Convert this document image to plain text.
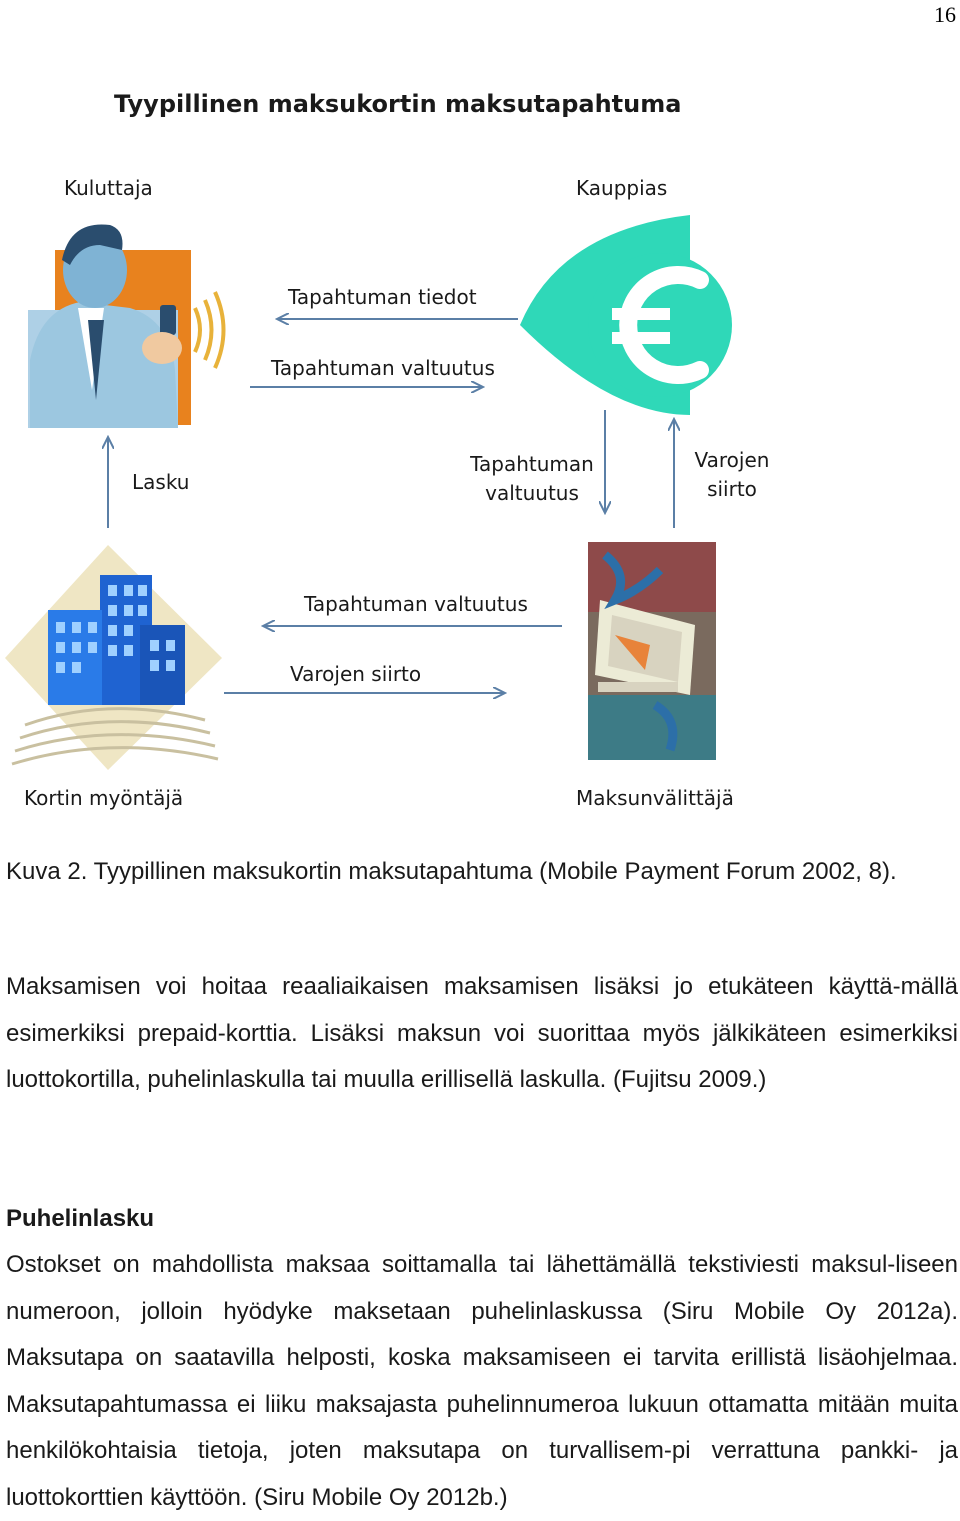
16
Tyypillinen maksukortin maksutapahtuma
Kuluttaja	Kauppias
Tapahtuman tiedot
Tapahtuman valtuutus
Lasku
Tapahtuman
valtuutus
Varojen
siirto
Tapahtuman valtuutus
Varojen siirto
Kortin myöntäjä	Maksunvälittäjä
Kuva 2. Tyypillinen maksukortin maksutapahtuma (Mobile Payment Forum 2002, 8).

Maksamisen voi hoitaa reaaliaikaisen maksamisen lisäksi jo etukäteen käyttä-mällä esimerkiksi prepaid-korttia. Lisäksi maksun voi suorittaa myös jälkikäteen esimerkiksi luottokortilla, puhelinlaskulla tai muulla erillisellä laskulla. (Fujitsu 2009.)

Puhelinlasku

Ostokset on mahdollista maksaa soittamalla tai lähettämällä tekstiviesti maksul-liseen numeroon, jolloin hyödyke maksetaan puhelinlaskussa (Siru Mobile Oy 2012a). Maksutapa on saatavilla helposti, koska maksamiseen ei tarvita erillistä lisäohjelmaa. Maksutapahtumassa ei liiku maksajasta puhelinnumeroa lukuun ottamatta mitään muita henkilökohtaisia tietoja, joten maksutapa on turvallisem-pi verrattuna pankki- ja luottokorttien käyttöön. (Siru Mobile Oy 2012b.)
